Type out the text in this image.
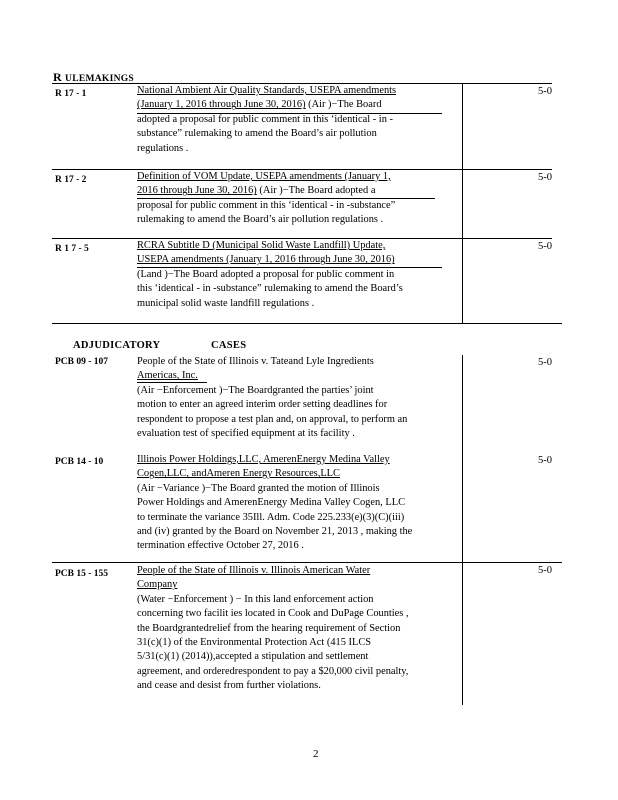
R ULEMAKINGS
R 17 - 1	5-0
National Ambient Air Quality Standards, USEPA amendments
(January 1, 2016 through June 30, 2016) (Air )−The Board
adopted a proposal for public comment in this ‘identical - in -
substance” rulemaking to amend the Board’s air pollution
regulations .
R 17 - 2	5-0
Definition of VOM Update, USEPA amendments (January 1,
2016 through June 30, 2016) (Air )−The Board adopted a
proposal for public comment in this ‘identical - in -substance”
rulemaking to amend the Board’s air pollution regulations .
R 1 7 - 5	5-0
RCRA Subtitle D (Municipal Solid Waste Landfill) Update,
USEPA amendments (January 1, 2016 through June 30, 2016)
(Land )−The Board adopted a proposal for public comment in
this ‘identical - in -substance” rulemaking to amend the Board’s
municipal solid waste landfill regulations .
ADJUDICATORY	CASES
PCB 09 - 107	5-0
People of the State of Illinois v. Tateand Lyle Ingredients
Americas, Inc.
(Air −Enforcement )−The Boardgranted the parties’ joint
motion to enter an agreed interim order setting deadlines for
respondent to propose a test plan and, on approval, to perform an
evaluation test of specified equipment at its facility .
PCB 14 - 10	5-0
Illinois Power Holdings,LLC, AmerenEnergy Medina Valley
Cogen,LLC, andAmeren Energy Resources,LLC
(Air −Variance )−The Board granted the motion of Illinois
Power Holdings and AmerenEnergy Medina Valley Cogen, LLC
to terminate the variance 35Ill. Adm. Code 225.233(e)(3)(C)(iii)
and (iv) granted by the Board on November 21, 2013 , making the
termination effective October 27, 2016 .
PCB 15 - 155	5-0
People of the State of Illinois v. Illinois American Water
Company
(Water −Enforcement ) − In this land enforcement action
concerning two facilit ies located in Cook and DuPage Counties ,
the Boardgrantedrelief from the hearing requirement of Section
31(c)(1) of the Environmental Protection Act (415 ILCS
5/31(c)(1) (2014)),accepted a stipulation and settlement
agreement, and orderedrespondent to pay a $20,000 civil penalty,
and cease and desist from further violations.
2
